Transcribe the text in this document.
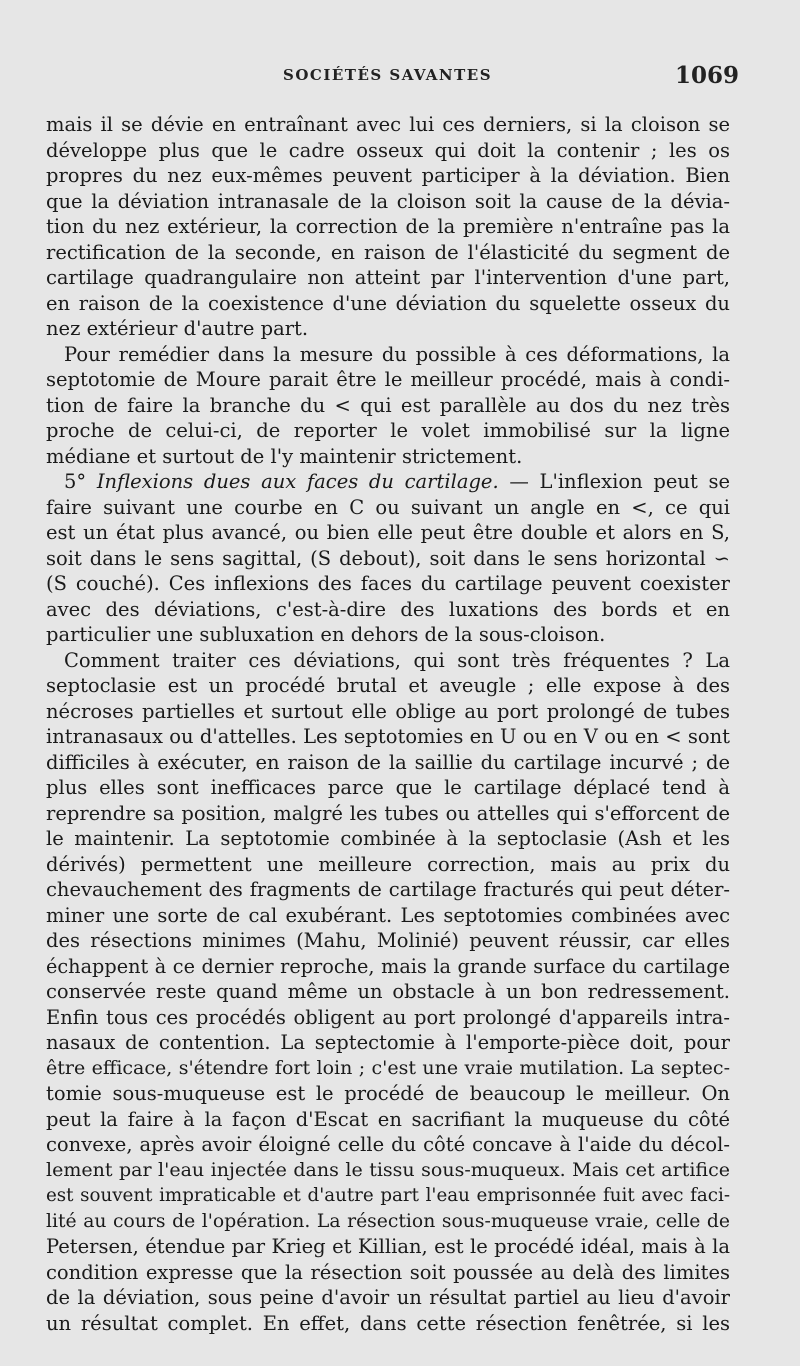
SOCIÉTÉS SAVANTES	1069
mais il se dévie en entraînant avec lui ces derniers, si la cloison se
développe plus que le cadre osseux qui doit la contenir ; les os
propres du nez eux-mêmes peuvent participer à la déviation. Bien
que la déviation intranasale de la cloison soit la cause de la dévia-
tion du nez extérieur, la correction de la première n'entraîne pas la
rectification de la seconde, en raison de l'élasticité du segment de
cartilage quadrangulaire non atteint par l'intervention d'une part,
en raison de la coexistence d'une déviation du squelette osseux du
nez extérieur d'autre part.
Pour remédier dans la mesure du possible à ces déformations, la
septotomie de Moure parait être le meilleur procédé, mais à condi-
tion de faire la branche du < qui est parallèle au dos du nez très
proche de celui-ci, de reporter le volet immobilisé sur la ligne
médiane et surtout de l'y maintenir strictement.
5° Inflexions dues aux faces du cartilage. — L'inflexion peut se
faire suivant une courbe en C ou suivant un angle en <, ce qui
est un état plus avancé, ou bien elle peut être double et alors en S,
soit dans le sens sagittal, (S debout), soit dans le sens horizontal ∽
(S couché). Ces inflexions des faces du cartilage peuvent coexister
avec des déviations, c'est-à-dire des luxations des bords et en
particulier une subluxation en dehors de la sous-cloison.
Comment traiter ces déviations, qui sont très fréquentes ? La
septoclasie est un procédé brutal et aveugle ; elle expose à des
nécroses partielles et surtout elle oblige au port prolongé de tubes
intranasaux ou d'attelles. Les septotomies en U ou en V ou en < sont
difficiles à exécuter, en raison de la saillie du cartilage incurvé ; de
plus elles sont inefficaces parce que le cartilage déplacé tend à
reprendre sa position, malgré les tubes ou attelles qui s'efforcent de
le maintenir. La septotomie combinée à la septoclasie (Ash et les
dérivés) permettent une meilleure correction, mais au prix du
chevauchement des fragments de cartilage fracturés qui peut déter-
miner une sorte de cal exubérant. Les septotomies combinées avec
des résections minimes (Mahu, Molinié) peuvent réussir, car elles
échappent à ce dernier reproche, mais la grande surface du cartilage
conservée reste quand même un obstacle à un bon redressement.
Enfin tous ces procédés obligent au port prolongé d'appareils intra-
nasaux de contention. La septectomie à l'emporte-pièce doit, pour
être efficace, s'étendre fort loin ; c'est une vraie mutilation. La septec-
tomie sous-muqueuse est le procédé de beaucoup le meilleur. On
peut la faire à la façon d'Escat en sacrifiant la muqueuse du côté
convexe, après avoir éloigné celle du côté concave à l'aide du décol-
lement par l'eau injectée dans le tissu sous-muqueux. Mais cet artifice
est souvent impraticable et d'autre part l'eau emprisonnée fuit avec faci-
lité au cours de l'opération. La résection sous-muqueuse vraie, celle de
Petersen, étendue par Krieg et Killian, est le procédé idéal, mais à la
condition expresse que la résection soit poussée au delà des limites
de la déviation, sous peine d'avoir un résultat partiel au lieu d'avoir
un résultat complet. En effet, dans cette résection fenêtrée, si les
